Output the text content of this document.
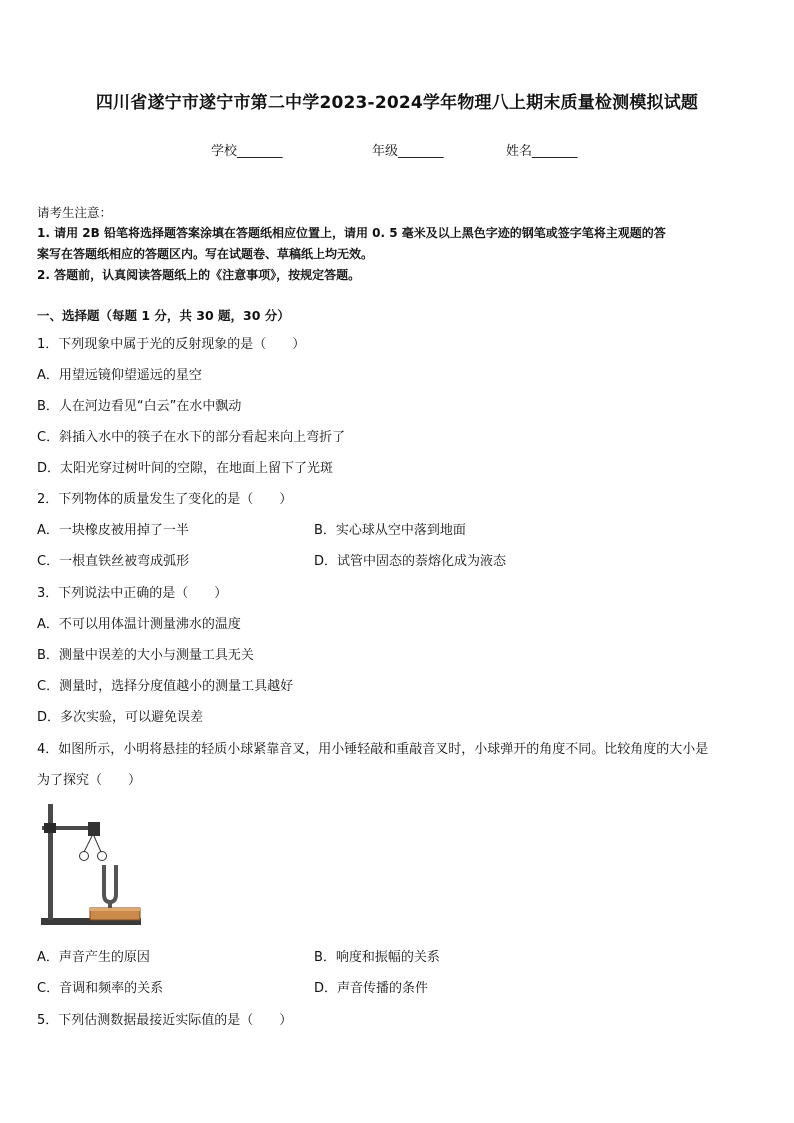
四川省遂宁市遂宁市第二中学2023-2024学年物理八上期末质量检测模拟试题
学校_______	年级_______	姓名_______
请考生注意：
1. 请用 2B 铅笔将选择题答案涂填在答题纸相应位置上，请用 0. 5 毫米及以上黑色字迹的钢笔或签字笔将主观题的答
案写在答题纸相应的答题区内。写在试题卷、草稿纸上均无效。
2. 答题前，认真阅读答题纸上的《注意事项》，按规定答题。
一、选择题（每题 1 分，共 30 题，30 分）
1．下列现象中属于光的反射现象的是（　　）
A．用望远镜仰望遥远的星空
B．人在河边看见“白云”在水中飘动
C．斜插入水中的筷子在水下的部分看起来向上弯折了
D．太阳光穿过树叶间的空隙，在地面上留下了光斑
2．下列物体的质量发生了变化的是（　　）
A．一块橡皮被用掉了一半	B．实心球从空中落到地面
C．一根直铁丝被弯成弧形	D．试管中固态的萘熔化成为液态
3．下列说法中正确的是（　　）
A．不可以用体温计测量沸水的温度
B．测量中误差的大小与测量工具无关
C．测量时，选择分度值越小的测量工具越好
D．多次实验，可以避免误差
4．如图所示，小明将悬挂的轻质小球紧靠音叉，用小锤轻敲和重敲音叉时，小球弹开的角度不同。比较角度的大小是
为了探究（　　）
A．声音产生的原因	B．响度和振幅的关系
C．音调和频率的关系	D．声音传播的条件
5．下列估测数据最接近实际值的是（　　）
